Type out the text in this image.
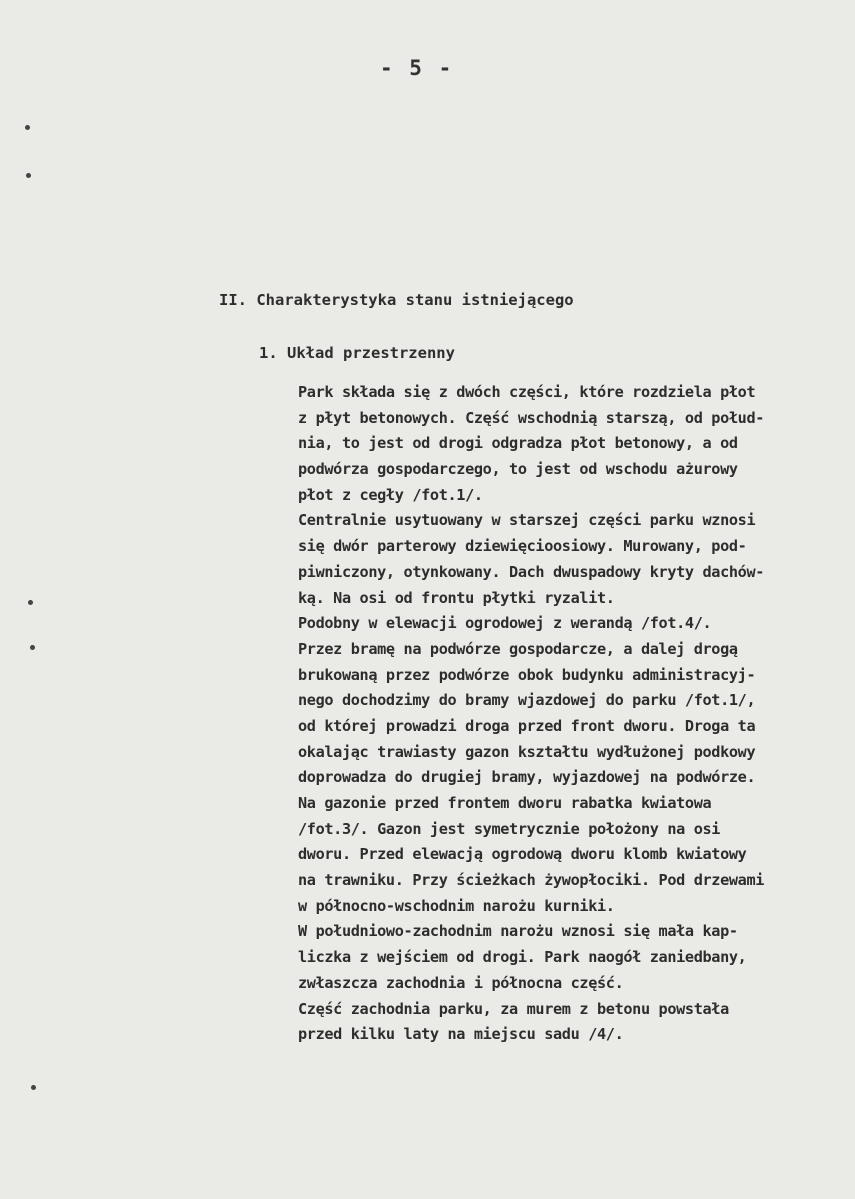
- 5 -
II. Charakterystyka stanu istniejącego
1. Układ przestrzenny
Park składa się z dwóch części, które rozdziela płot
z płyt betonowych. Część wschodnią starszą, od połud-
nia, to jest od drogi odgradza płot betonowy, a od
podwórza gospodarczego, to jest od wschodu ażurowy
płot z cegły /fot.1/.
Centralnie usytuowany w starszej części parku wznosi
się dwór parterowy dziewięcioosiowy. Murowany, pod-
piwniczony, otynkowany. Dach dwuspadowy kryty dachów-
ką. Na osi od frontu płytki ryzalit.
Podobny w elewacji ogrodowej z werandą /fot.4/.
Przez bramę na podwórze gospodarcze, a dalej drogą
brukowaną przez podwórze obok budynku administracyj-
nego dochodzimy do bramy wjazdowej do parku /fot.1/,
od której prowadzi droga przed front dworu. Droga ta
okalając trawiasty gazon kształtu wydłużonej podkowy
doprowadza do drugiej bramy, wyjazdowej na podwórze.
Na gazonie przed frontem dworu rabatka kwiatowa
/fot.3/. Gazon jest symetrycznie położony na osi
dworu. Przed elewacją ogrodową dworu klomb kwiatowy
na trawniku. Przy ścieżkach żywopłociki. Pod drzewami
w północno-wschodnim narożu kurniki.
W południowo-zachodnim narożu wznosi się mała kap-
liczka z wejściem od drogi. Park naogół zaniedbany,
zwłaszcza zachodnia i północna część.
Część zachodnia parku, za murem z betonu powstała
przed kilku laty na miejscu sadu /4/.
